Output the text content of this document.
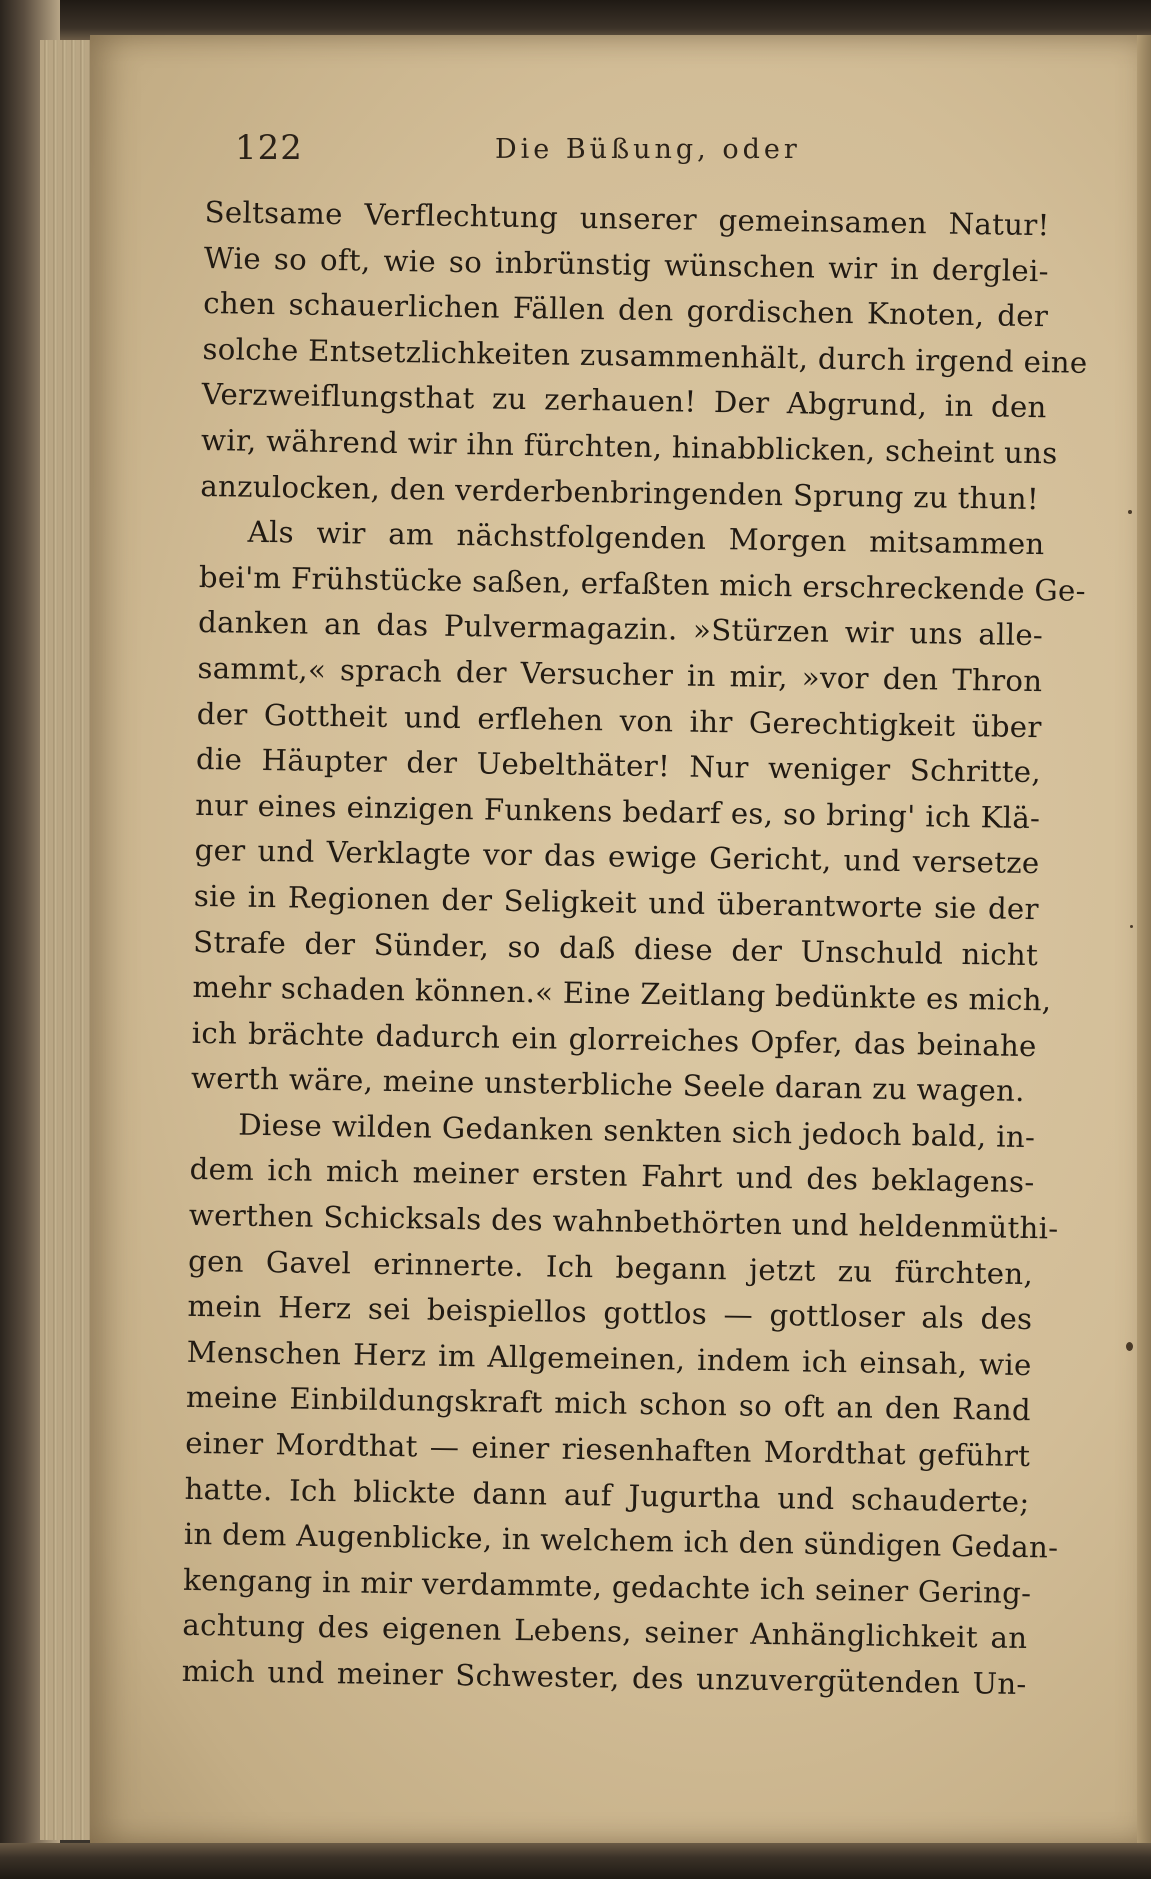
122	Die Büßung, oder
Seltsame Verflechtung unserer gemeinsamen Natur!
Wie so oft, wie so inbrünstig wünschen wir in derglei-
chen schauerlichen Fällen den gordischen Knoten, der
solche Entsetzlichkeiten zusammenhält, durch irgend eine
Verzweiflungsthat zu zerhauen! Der Abgrund, in den
wir, während wir ihn fürchten, hinabblicken, scheint uns
anzulocken, den verderbenbringenden Sprung zu thun!
Als wir am nächstfolgenden Morgen mitsammen
bei'm Frühstücke saßen, erfaßten mich erschreckende Ge-
danken an das Pulvermagazin. »Stürzen wir uns alle-
sammt,« sprach der Versucher in mir, »vor den Thron
der Gottheit und erflehen von ihr Gerechtigkeit über
die Häupter der Uebelthäter! Nur weniger Schritte,
nur eines einzigen Funkens bedarf es, so bring' ich Klä-
ger und Verklagte vor das ewige Gericht, und versetze
sie in Regionen der Seligkeit und überantworte sie der
Strafe der Sünder, so daß diese der Unschuld nicht
mehr schaden können.« Eine Zeitlang bedünkte es mich,
ich brächte dadurch ein glorreiches Opfer, das beinahe
werth wäre, meine unsterbliche Seele daran zu wagen.
Diese wilden Gedanken senkten sich jedoch bald, in-
dem ich mich meiner ersten Fahrt und des beklagens-
werthen Schicksals des wahnbethörten und heldenmüthi-
gen Gavel erinnerte. Ich begann jetzt zu fürchten,
mein Herz sei beispiellos gottlos — gottloser als des
Menschen Herz im Allgemeinen, indem ich einsah, wie
meine Einbildungskraft mich schon so oft an den Rand
einer Mordthat — einer riesenhaften Mordthat geführt
hatte. Ich blickte dann auf Jugurtha und schauderte;
in dem Augenblicke, in welchem ich den sündigen Gedan-
kengang in mir verdammte, gedachte ich seiner Gering-
achtung des eigenen Lebens, seiner Anhänglichkeit an
mich und meiner Schwester, des unzuvergütenden Un-
